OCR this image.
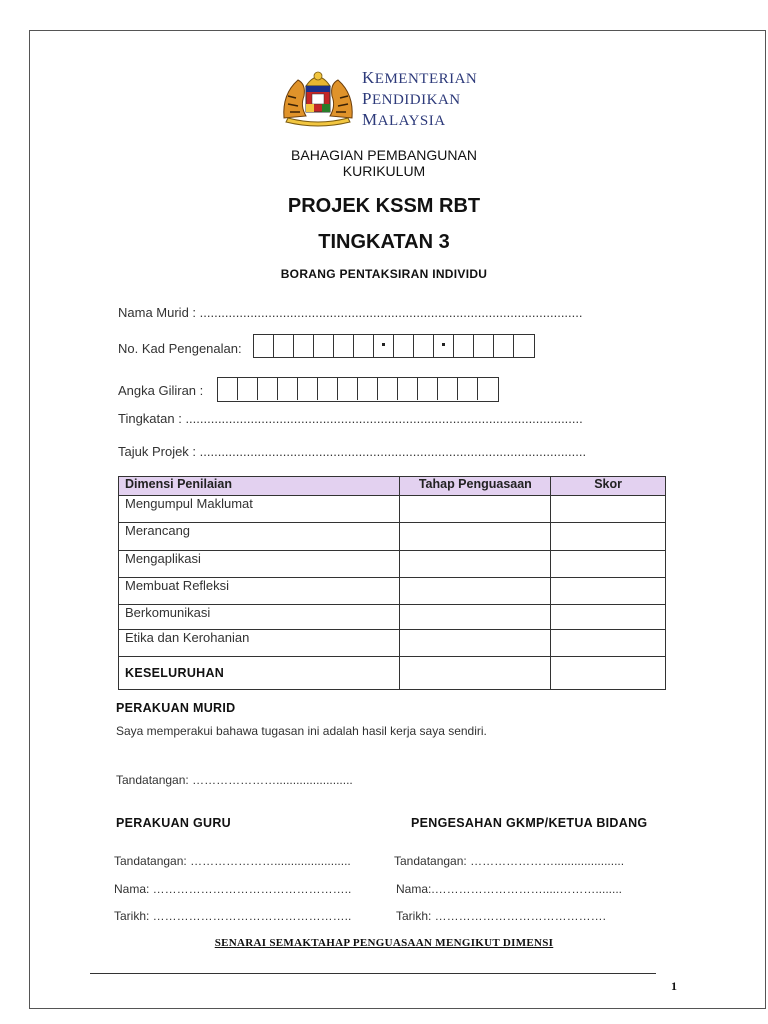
KEMENTERIAN
PENDIDIKAN
MALAYSIA
BAHAGIAN PEMBANGUNAN
KURIKULUM
PROJEK KSSM RBT
TINGKATAN 3
BORANG PENTAKSIRAN INDIVIDU
Nama Murid : ..........................................................................................................
No. Kad Pengenalan:
Angka Giliran :
Tingkatan : ..............................................................................................................
Tajuk Projek : ...........................................................................................................
Dimensi Penilaian	Tahap Penguasaan	Skor
Mengumpul Maklumat		
Merancang		
Mengaplikasi		
Membuat Refleksi		
Berkomunikasi		
Etika dan Kerohanian		
KESELURUHAN		
PERAKUAN MURID
Saya memperakui bahawa tugasan ini adalah hasil kerja saya sendiri.
Tandatangan: ………………….......................​
PERAKUAN GURU
Tandatangan: ………………….......................
Nama: …………………………………………..
Tarikh: …………………………………………..
PENGESAHAN GKMP/KETUA BIDANG
Tandatangan: ………………….....................
Nama:.……………………….....………........
Tarikh: …………………………………….
SENARAI SEMAKTAHAP PENGUASAAN MENGIKUT DIMENSI
1
